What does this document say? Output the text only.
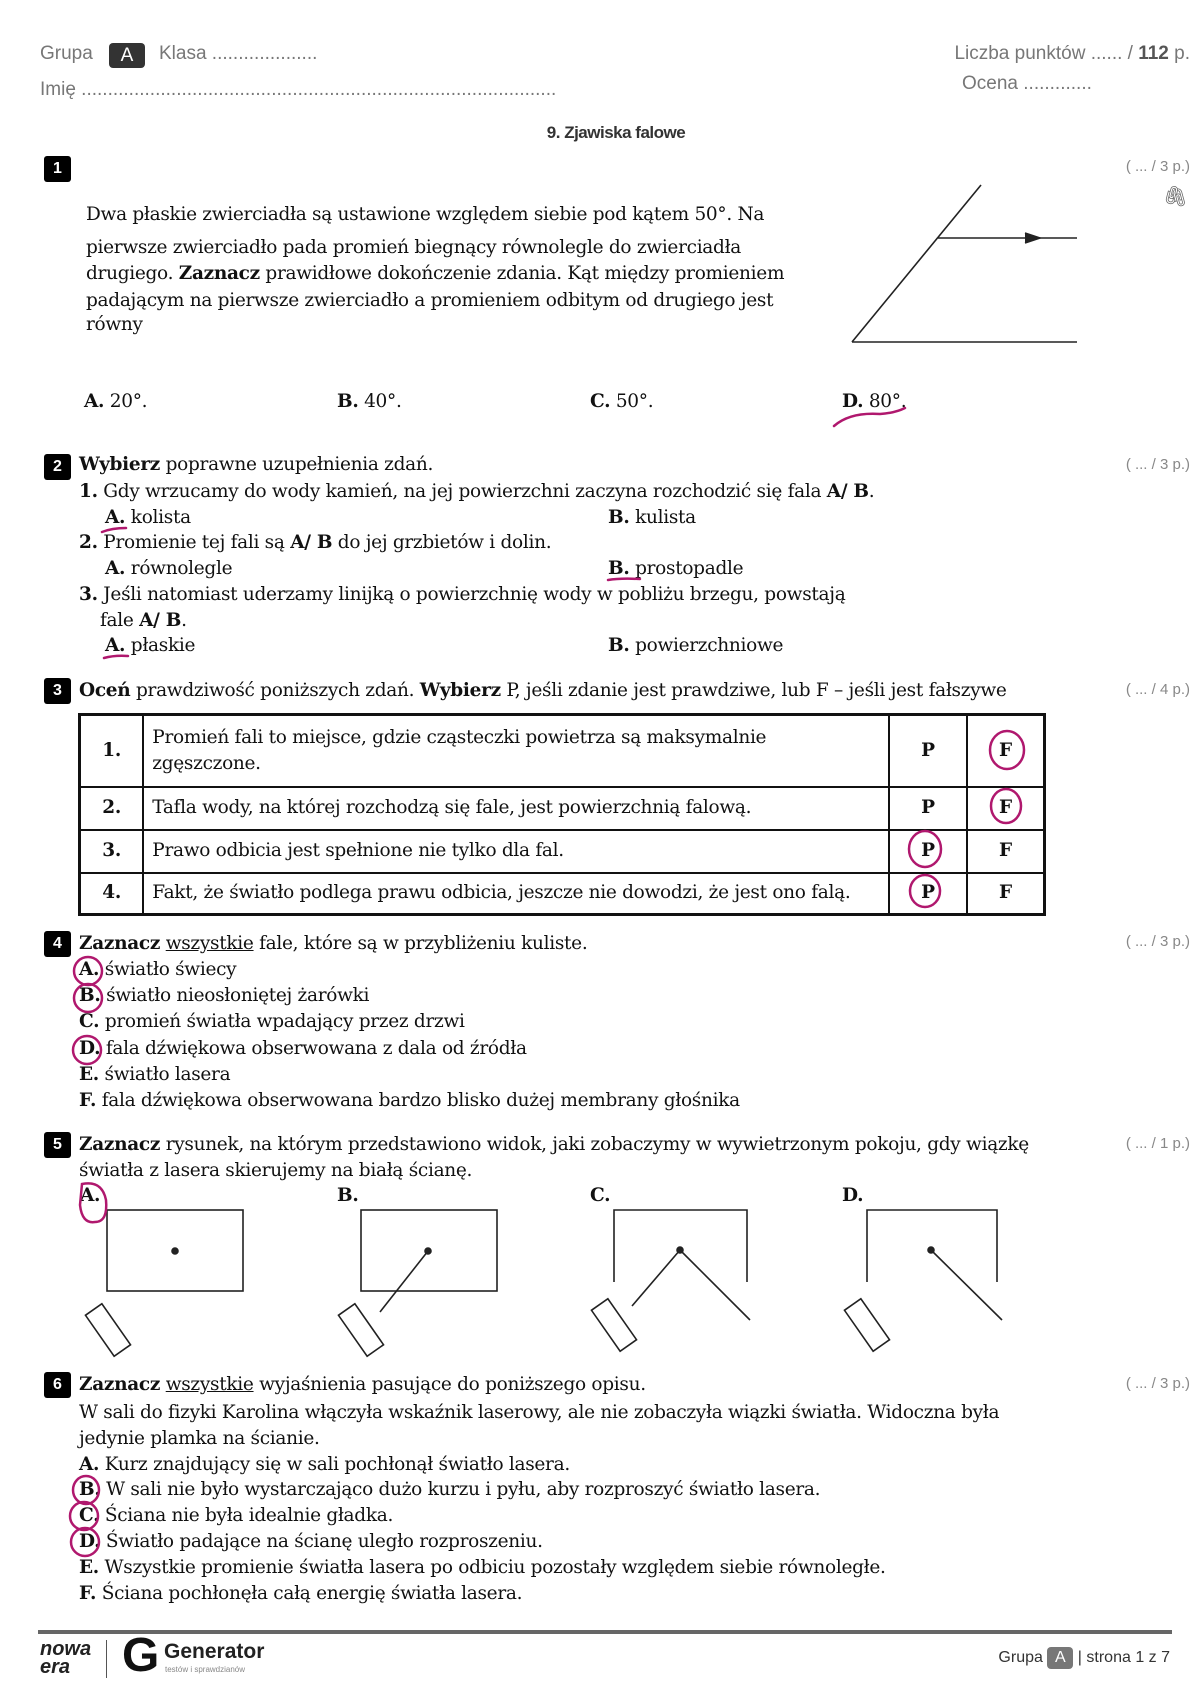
Grupa	A	Klasa ....................
Imię ..........................................................................................
Liczba punktów ...... / 112 p.
Ocena .............
9. Zjawiska falowe
1	( ... / 3 p.)
🖇
Dwa płaskie zwierciadła są ustawione względem siebie pod kątem 50°. Na
pierwsze zwierciadło pada promień biegnący równolegle do zwierciadła
drugiego. Zaznacz prawidłowe dokończenie zdania. Kąt między promieniem
padającym na pierwsze zwierciadło a promieniem odbitym od drugiego jest
równy
A. 20°.	B. 40°.	C. 50°.	D. 80°.
2	( ... / 3 p.)
Wybierz poprawne uzupełnienia zdań.
1. Gdy wrzucamy do wody kamień, na jej powierzchni zaczyna rozchodzić się fala A/ B.
A. kolista	B. kulista
2. Promienie tej fali są A/ B do jej grzbietów i dolin.
A. równolegle	B. prostopadle
3. Jeśli natomiast uderzamy linijką o powierzchnię wody w pobliżu brzegu, powstają
fale A/ B.
A. płaskie	B. powierzchniowe
3	( ... / 4 p.)
Oceń prawdziwość poniższych zdań. Wybierz P, jeśli zdanie jest prawdziwe, lub F – jeśli jest fałszywe
1.	Promień fali to miejsce, gdzie cząsteczki powietrza są maksymalnie zgęszczone.	P	F
2.	Tafla wody, na której rozchodzą się fale, jest powierzchnią falową.	P	F
3.	Prawo odbicia jest spełnione nie tylko dla fal.	P	F
4.	Fakt, że światło podlega prawu odbicia, jeszcze nie dowodzi, że jest ono falą.	P	F
4	( ... / 3 p.)
Zaznacz wszystkie fale, które są w przybliżeniu kuliste.
A. światło świecy
B. światło nieosłoniętej żarówki
C. promień światła wpadający przez drzwi
D. fala dźwiękowa obserwowana z dala od źródła
E. światło lasera
F. fala dźwiękowa obserwowana bardzo blisko dużej membrany głośnika
5	( ... / 1 p.)
Zaznacz rysunek, na którym przedstawiono widok, jaki zobaczymy w wywietrzonym pokoju, gdy wiązkę
światła z lasera skierujemy na białą ścianę.
A.	B.	C.	D.
6	( ... / 3 p.)
Zaznacz wszystkie wyjaśnienia pasujące do poniższego opisu.
W sali do fizyki Karolina włączyła wskaźnik laserowy, ale nie zobaczyła wiązki światła. Widoczna była
jedynie plamka na ścianie.
A. Kurz znajdujący się w sali pochłonął światło lasera.
B. W sali nie było wystarczająco dużo kurzu i pyłu, aby rozproszyć światło lasera.
C. Ściana nie była idealnie gładka.
D. Światło padające na ścianę uległo rozproszeniu.
E. Wszystkie promienie światła lasera po odbiciu pozostały względem siebie równoległe.
F. Ściana pochłonęła całą energię światła lasera.
nowa era	G Generator
testów i sprawdzianów
Grupa A | strona 1 z 7
